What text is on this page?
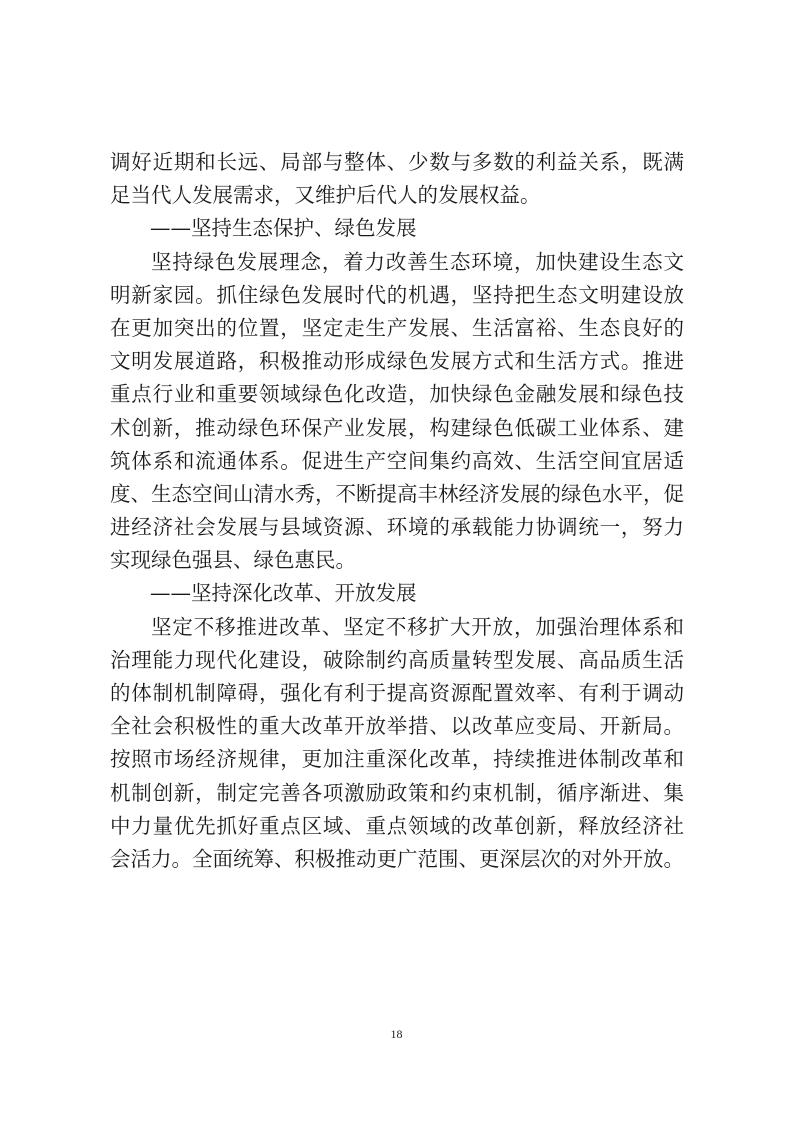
调好近期和长远、局部与整体、少数与多数的利益关系，既满
足当代人发展需求，又维护后代人的发展权益。
——坚持生态保护、绿色发展
坚持绿色发展理念，着力改善生态环境，加快建设生态文
明新家园。抓住绿色发展时代的机遇，坚持把生态文明建设放
在更加突出的位置，坚定走生产发展、生活富裕、生态良好的
文明发展道路，积极推动形成绿色发展方式和生活方式。推进
重点行业和重要领域绿色化改造，加快绿色金融发展和绿色技
术创新，推动绿色环保产业发展，构建绿色低碳工业体系、建
筑体系和流通体系。促进生产空间集约高效、生活空间宜居适
度、生态空间山清水秀，不断提高丰林经济发展的绿色水平，促
进经济社会发展与县域资源、环境的承载能力协调统一，努力
实现绿色强县、绿色惠民。
——坚持深化改革、开放发展
坚定不移推进改革、坚定不移扩大开放，加强治理体系和
治理能力现代化建设，破除制约高质量转型发展、高品质生活
的体制机制障碍，强化有利于提高资源配置效率、有利于调动
全社会积极性的重大改革开放举措、以改革应变局、开新局。
按照市场经济规律，更加注重深化改革，持续推进体制改革和
机制创新，制定完善各项激励政策和约束机制，循序渐进、集
中力量优先抓好重点区域、重点领域的改革创新，释放经济社
会活力。全面统筹、积极推动更广范围、更深层次的对外开放。
18
